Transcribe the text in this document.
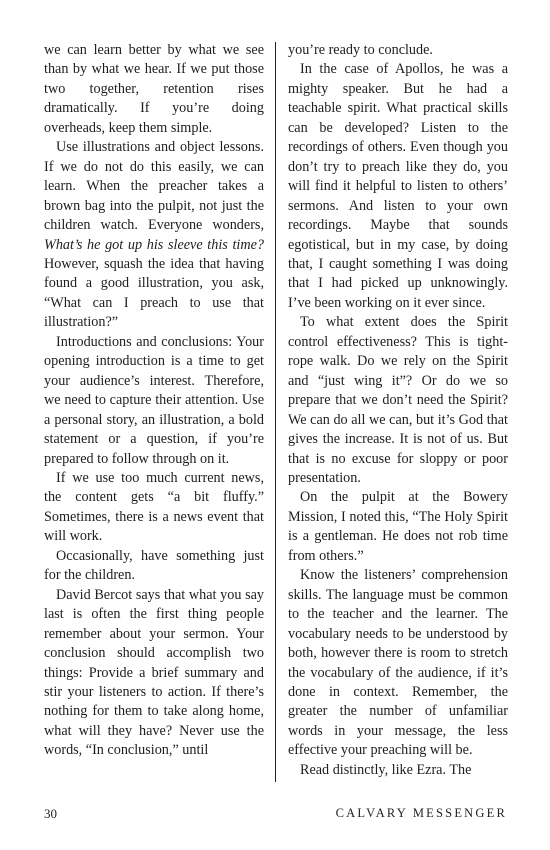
we can learn better by what we see than by what we hear. If we put those two together, retention rises dramatically. If you’re doing overheads, keep them simple.

Use illustrations and object lessons. If we do not do this easily, we can learn. When the preacher takes a brown bag into the pulpit, not just the children watch. Everyone wonders, What’s he got up his sleeve this time? However, squash the idea that having found a good illustration, you ask, “What can I preach to use that illustration?”

Introductions and conclusions: Your opening introduction is a time to get your audience’s interest. Therefore, we need to capture their attention. Use a personal story, an illustration, a bold statement or a question, if you’re prepared to follow through on it.

If we use too much current news, the content gets “a bit fluffy.” Sometimes, there is a news event that will work.

Occasionally, have something just for the children.

David Bercot says that what you say last is often the first thing people remember about your sermon. Your conclusion should accomplish two things: Provide a brief summary and stir your listeners to action. If there’s nothing for them to take along home, what will they have? Never use the words, “In conclusion,” until

you’re ready to conclude.

In the case of Apollos, he was a mighty speaker. But he had a teachable spirit. What practical skills can be developed? Listen to the recordings of others. Even though you don’t try to preach like they do, you will find it helpful to listen to others’ sermons. And listen to your own recordings. Maybe that sounds egotistical, but in my case, by doing that, I caught something I was doing that I had picked up unknowingly. I’ve been working on it ever since.

To what extent does the Spirit control effectiveness? This is tight-rope walk. Do we rely on the Spirit and “just wing it”? Or do we so prepare that we don’t need the Spirit? We can do all we can, but it’s God that gives the increase. It is not of us. But that is no excuse for sloppy or poor presentation.

On the pulpit at the Bowery Mission, I noted this, “The Holy Spirit is a gentleman. He does not rob time from others.”

Know the listeners’ comprehension skills. The language must be common to the teacher and the learner. The vocabulary needs to be understood by both, however there is room to stretch the vocabulary of the audience, if it’s done in context. Remember, the greater the number of unfamiliar words in your message, the less effective your preaching will be.

Read distinctly, like Ezra. The

30	CALVARY MESSENGER
